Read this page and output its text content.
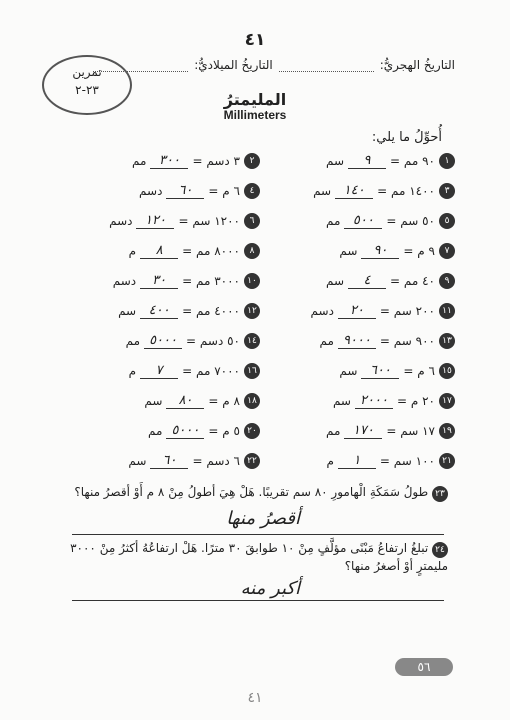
٤١
التاريخُ الهجريُّ:
التاريخُ الميلاديُّ:
تمرين
٢٣-٢	المليمترُ
Millimeters
أُحوِّلُ ما يلي:
١
٩٠ مم =
٩
سم
٢
٣ دسم =
٣٠٠
مم
٣
١٤٠٠ مم =
١٤٠
سم
٤
٦ م =
٦٠
دسم
٥
٥٠ سم =
٥٠٠
مم
٦
١٢٠٠ سم =
١٢٠
دسم
٧
٩ م =
٩٠
سم
٨
٨٠٠٠ مم =
٨
م
٩
٤٠ مم =
٤
سم
١٠
٣٠٠٠ مم =
٣٠
دسم
١١
٢٠٠ سم =
٢٠
دسم
١٢
٤٠٠٠ مم =
٤٠٠
سم
١٣
٩٠٠ سم =
٩٠٠٠
مم
١٤
٥٠ دسم =
٥٠٠٠
مم
١٥
٦ م =
٦٠٠
سم
١٦
٧٠٠٠ مم =
٧
م
١٧
٢٠ م =
٢٠٠٠
سم
١٨
٨ م =
٨٠
سم
١٩
١٧ سم =
١٧٠
مم
٢٠
٥ م =
٥٠٠٠
مم
٢١
١٠٠ سم =
١
م
٢٢
٦ دسم =
٦٠
سم
٢٣ طولُ سَمَكَةِ الْهامورِ ٨٠ سم تقريبًا. هَلْ هِيَ أطولُ مِنْ ٨ م أَوْ أقصرُ منها؟
أقصرُ منها
٢٤ تبلغُ ارتفاعُ مَبْنًى مؤلَّفٍ مِنْ ١٠ طوابقَ ٣٠ مترًا. هَلْ ارتفاعُهُ أكثرُ مِنْ ٣٠٠٠ مليمترٍ أوْ أصغرُ منها؟
أكبر منه
٥٦
٤١
